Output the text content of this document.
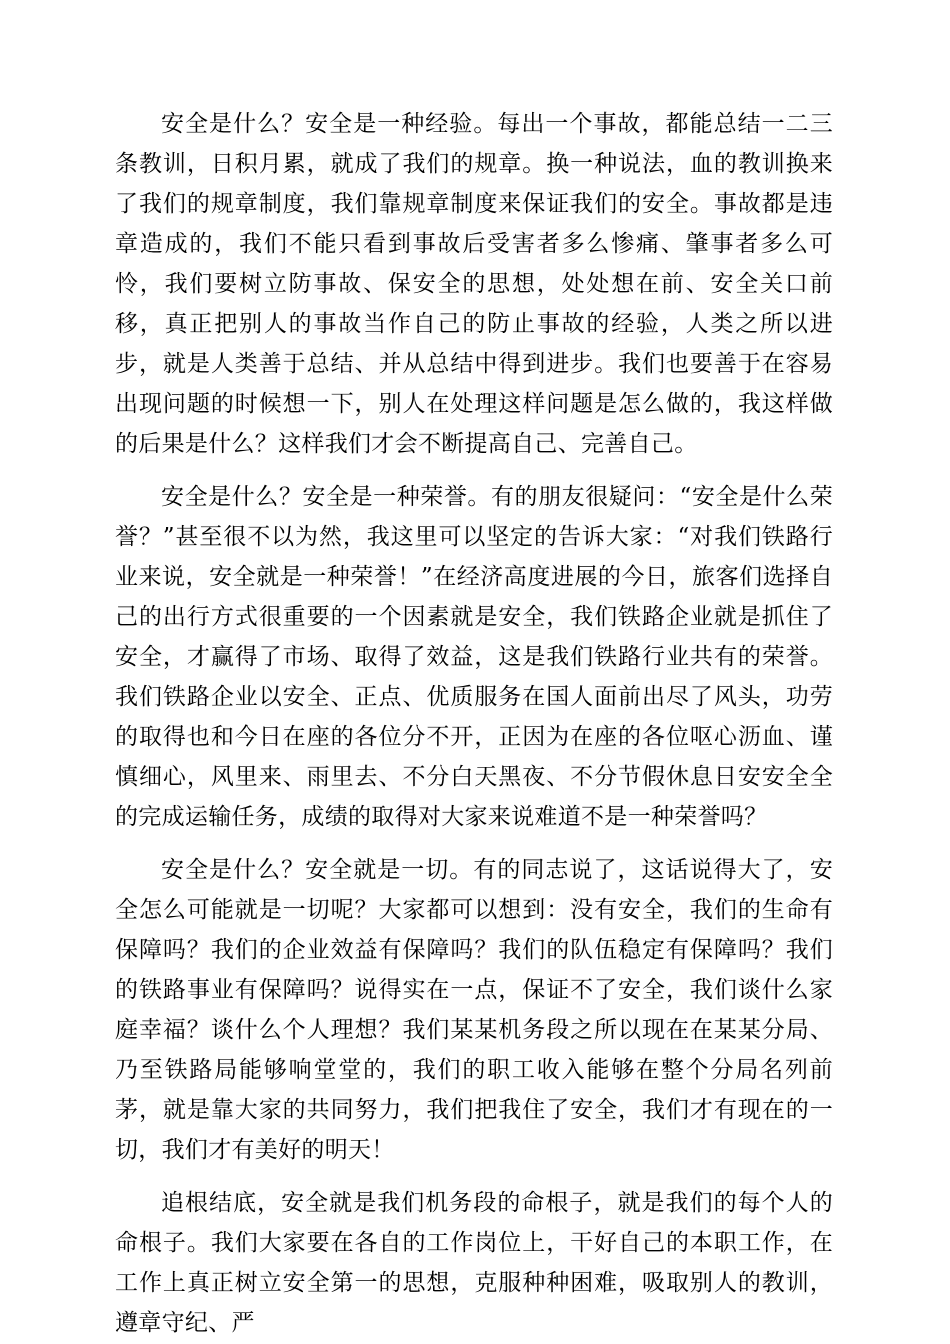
安全是什么？安全是一种经验。每出一个事故，都能总结一二三条教训，日积月累，就成了我们的规章。换一种说法，血的教训换来了我们的规章制度，我们靠规章制度来保证我们的安全。事故都是违章造成的，我们不能只看到事故后受害者多么惨痛、肇事者多么可怜，我们要树立防事故、保安全的思想，处处想在前、安全关口前移，真正把别人的事故当作自己的防止事故的经验，人类之所以进步，就是人类善于总结、并从总结中得到进步。我们也要善于在容易出现问题的时候想一下，别人在处理这样问题是怎么做的，我这样做的后果是什么？这样我们才会不断提高自己、完善自己。

安全是什么？安全是一种荣誉。有的朋友很疑问：“安全是什么荣誉？”甚至很不以为然，我这里可以坚定的告诉大家：“对我们铁路行业来说，安全就是一种荣誉！”在经济高度进展的今日，旅客们选择自己的出行方式很重要的一个因素就是安全，我们铁路企业就是抓住了安全，才赢得了市场、取得了效益，这是我们铁路行业共有的荣誉。我们铁路企业以安全、正点、优质服务在国人面前出尽了风头，功劳的取得也和今日在座的各位分不开，正因为在座的各位呕心沥血、谨慎细心，风里来、雨里去、不分白天黑夜、不分节假休息日安安全全的完成运输任务，成绩的取得对大家来说难道不是一种荣誉吗？

安全是什么？安全就是一切。有的同志说了，这话说得大了，安全怎么可能就是一切呢？大家都可以想到：没有安全，我们的生命有保障吗？我们的企业效益有保障吗？我们的队伍稳定有保障吗？我们的铁路事业有保障吗？说得实在一点，保证不了安全，我们谈什么家庭幸福？谈什么个人理想？我们某某机务段之所以现在在某某分局、乃至铁路局能够响堂堂的，我们的职工收入能够在整个分局名列前茅，就是靠大家的共同努力，我们把我住了安全，我们才有现在的一切，我们才有美好的明天！

追根结底，安全就是我们机务段的命根子，就是我们的每个人的命根子。我们大家要在各自的工作岗位上，干好自己的本职工作，在工作上真正树立安全第一的思想，克服种种困难，吸取别人的教训，遵章守纪、严
